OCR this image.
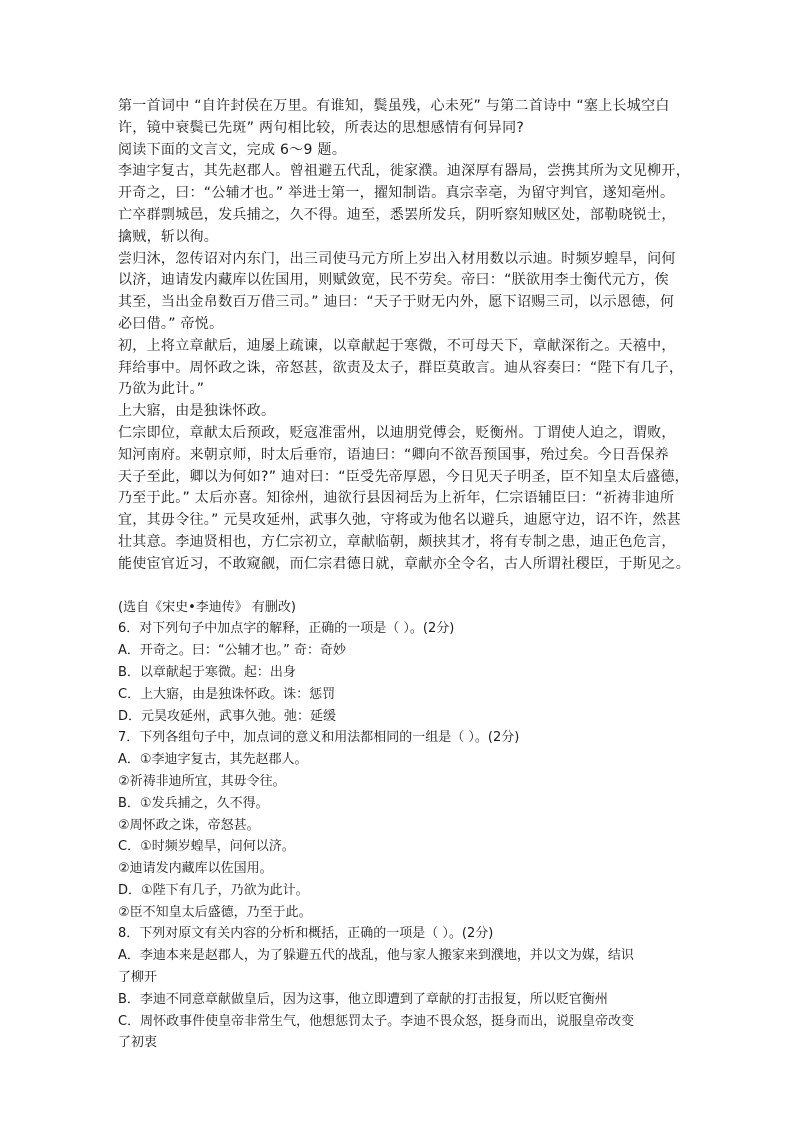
第一首词中 “自许封侯在万里。有谁知，鬓虽残，心未死” 与第二首诗中 “塞上长城空白
许，镜中衰鬓已先斑” 两句相比较，所表达的思想感情有何异同?
阅读下面的文言文，完成 6～9 题。
李迪字复古，其先赵郡人。曾祖避五代乱，徙家濮。迪深厚有器局，尝携其所为文见柳开，
开奇之，曰：“公辅才也。” 举进士第一，擢知制诰。真宗幸亳，为留守判官，遂知亳州。
亡卒群剽城邑，发兵捕之，久不得。迪至，悉罢所发兵，阴听察知贼区处，部勒晓锐士，
擒贼，斩以徇。
尝归沐，忽传诏对内东门，出三司使马元方所上岁出入材用数以示迪。时频岁蝗旱，问何
以济，迪请发内藏库以佐国用，则赋敛宽，民不劳矣。帝曰：“朕欲用李士衡代元方，俟
其至，当出金帛数百万借三司。” 迪曰：“天子于财无内外，愿下诏赐三司，以示恩德，何
必曰借。” 帝悦。
初，上将立章献后，迪屡上疏谏，以章献起于寒微，不可母天下，章献深衔之。天禧中，
拜给事中。周怀政之诛，帝怒甚，欲责及太子，群臣莫敢言。迪从容奏曰：“陛下有几子，
乃欲为此计。”
上大寤，由是独诛怀政。
仁宗即位，章献太后预政，贬寇准雷州，以迪朋党傅会，贬衡州。丁谓使人迫之，谓败，
知河南府。来朝京师，时太后垂帘，语迪曰：“卿向不欲吾预国事，殆过矣。今日吾保养
天子至此，卿以为何如?” 迪对曰：“臣受先帝厚恩，今日见天子明圣，臣不知皇太后盛德，
乃至于此。” 太后亦喜。知徐州，迪欲行县因祠岳为上祈年，仁宗语辅臣曰：“祈祷非迪所
宜，其毋令往。” 元昊攻延州，武事久弛，守将或为他名以避兵，迪愿守边，诏不许，然甚
壮其意。李迪贤相也，方仁宗初立，章献临朝，颇挟其才，将有专制之患，迪正色危言，
能使宦官近习，不敢窥觎，而仁宗君德日就，章献亦全令名，古人所谓社稷臣，于斯见之。
(选自《宋史•李迪传》 有删改)
6．对下列句子中加点字的解释，正确的一项是（ ）。(2分)
A．开奇之。曰：“公辅才也。” 奇：奇妙
B．以章献起于寒微。起：出身
C．上大寤，由是独诛怀政。诛：惩罚
D．元昊攻延州，武事久弛。弛：延缓
7．下列各组句子中，加点词的意义和用法都相同的一组是（ ）。(2分)
A．①李迪字复古，其先赵郡人。
②祈祷非迪所宜，其毋令往。
B．①发兵捕之，久不得。
②周怀政之诛，帝怒甚。
C．①时频岁蝗旱，问何以济。
②迪请发内藏库以佐国用。
D．①陛下有几子，乃欲为此计。
②臣不知皇太后盛德，乃至于此。
8．下列对原文有关内容的分析和概括，正确的一项是（ ）。(2分)
A．李迪本来是赵郡人，为了躲避五代的战乱，他与家人搬家来到濮地，并以文为媒，结识
了柳开
B．李迪不同意章献做皇后，因为这事，他立即遭到了章献的打击报复，所以贬官衡州
C．周怀政事件使皇帝非常生气，他想惩罚太子。李迪不畏众怒，挺身而出，说服皇帝改变
了初衷
